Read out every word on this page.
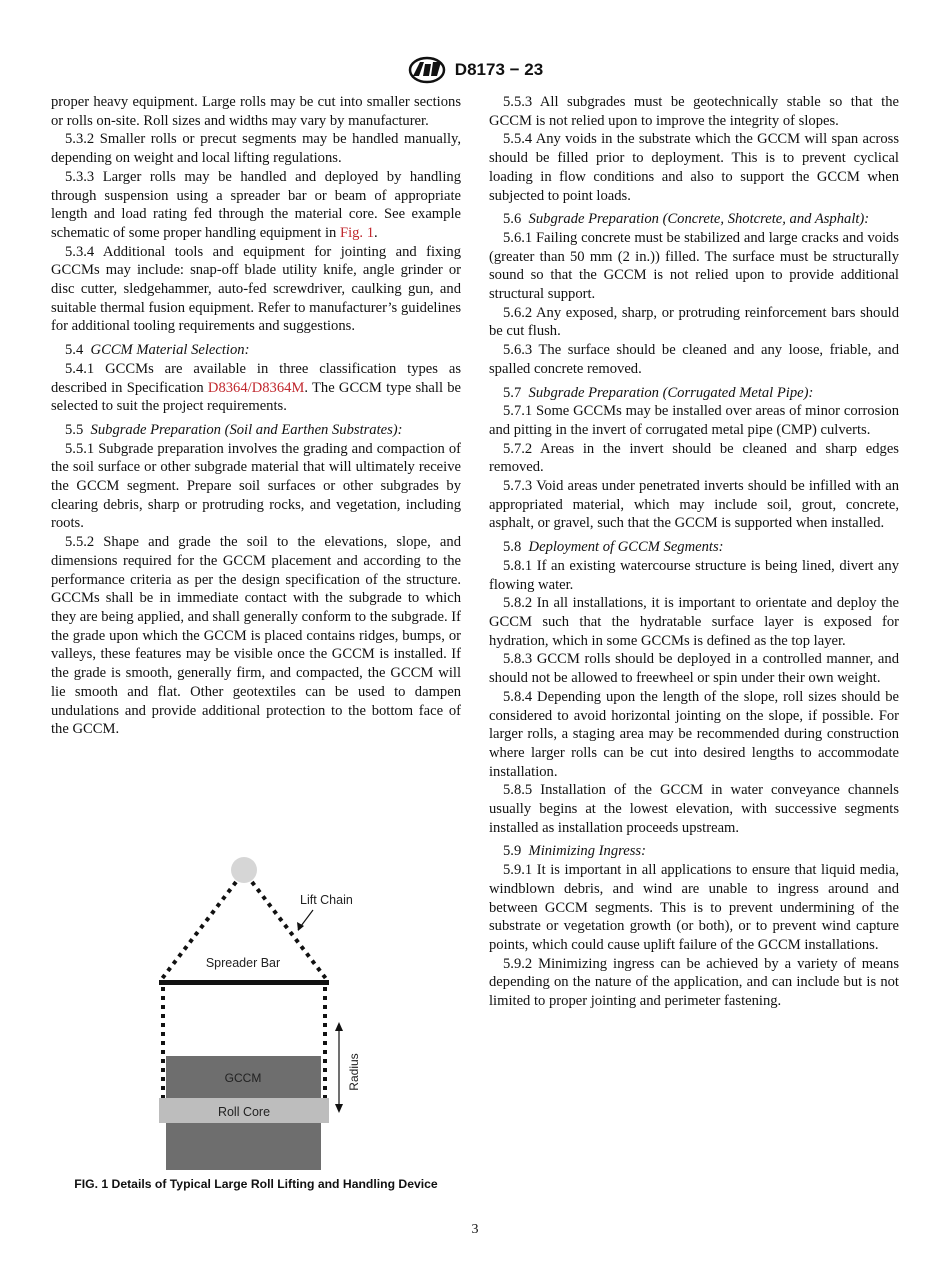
D8173 − 23

proper heavy equipment. Large rolls may be cut into smaller sections or rolls on-site. Roll sizes and widths may vary by manufacturer.

5.3.2 Smaller rolls or precut segments may be handled manually, depending on weight and local lifting regulations.

5.3.3 Larger rolls may be handled and deployed by handling through suspension using a spreader bar or beam of appropriate length and load rating fed through the material core. See example schematic of some proper handling equipment in Fig. 1.

5.3.4 Additional tools and equipment for jointing and fixing GCCMs may include: snap-off blade utility knife, angle grinder or disc cutter, sledgehammer, auto-fed screwdriver, caulking gun, and suitable thermal fusion equipment. Refer to manufacturer’s guidelines for additional tooling requirements and suggestions.

5.4 GCCM Material Selection:

5.4.1 GCCMs are available in three classification types as described in Specification D8364/D8364M. The GCCM type shall be selected to suit the project requirements.

5.5 Subgrade Preparation (Soil and Earthen Substrates):

5.5.1 Subgrade preparation involves the grading and compaction of the soil surface or other subgrade material that will ultimately receive the GCCM segment. Prepare soil surfaces or other subgrades by clearing debris, sharp or protruding rocks, and vegetation, including roots.

5.5.2 Shape and grade the soil to the elevations, slope, and dimensions required for the GCCM placement and according to the performance criteria as per the design specification of the structure. GCCMs shall be in immediate contact with the subgrade to which they are being applied, and shall generally conform to the subgrade. If the grade upon which the GCCM is placed contains ridges, bumps, or valleys, these features may be visible once the GCCM is installed. If the grade is smooth, generally firm, and compacted, the GCCM will lie smooth and flat. Other geotextiles can be used to dampen undulations and provide additional protection to the bottom face of the GCCM.

Lift Chain
Spreader Bar
GCCM
Roll Core
Radius
FIG. 1 Details of Typical Large Roll Lifting and Handling Device

5.5.3 All subgrades must be geotechnically stable so that the GCCM is not relied upon to improve the integrity of slopes.

5.5.4 Any voids in the substrate which the GCCM will span across should be filled prior to deployment. This is to prevent cyclical loading in flow conditions and also to support the GCCM when subjected to point loads.

5.6 Subgrade Preparation (Concrete, Shotcrete, and Asphalt):

5.6.1 Failing concrete must be stabilized and large cracks and voids (greater than 50 mm (2 in.)) filled. The surface must be structurally sound so that the GCCM is not relied upon to provide additional structural support.

5.6.2 Any exposed, sharp, or protruding reinforcement bars should be cut flush.

5.6.3 The surface should be cleaned and any loose, friable, and spalled concrete removed.

5.7 Subgrade Preparation (Corrugated Metal Pipe):

5.7.1 Some GCCMs may be installed over areas of minor corrosion and pitting in the invert of corrugated metal pipe (CMP) culverts.

5.7.2 Areas in the invert should be cleaned and sharp edges removed.

5.7.3 Void areas under penetrated inverts should be infilled with an appropriated material, which may include soil, grout, concrete, asphalt, or gravel, such that the GCCM is supported when installed.

5.8 Deployment of GCCM Segments:

5.8.1 If an existing watercourse structure is being lined, divert any flowing water.

5.8.2 In all installations, it is important to orientate and deploy the GCCM such that the hydratable surface layer is exposed for hydration, which in some GCCMs is defined as the top layer.

5.8.3 GCCM rolls should be deployed in a controlled manner, and should not be allowed to freewheel or spin under their own weight.

5.8.4 Depending upon the length of the slope, roll sizes should be considered to avoid horizontal jointing on the slope, if possible. For larger rolls, a staging area may be recommended during construction where larger rolls can be cut into desired lengths to accommodate installation.

5.8.5 Installation of the GCCM in water conveyance channels usually begins at the lowest elevation, with successive segments installed as installation proceeds upstream.

5.9 Minimizing Ingress:

5.9.1 It is important in all applications to ensure that liquid media, windblown debris, and wind are unable to ingress around and between GCCM segments. This is to prevent undermining of the substrate or vegetation growth (or both), or to prevent wind capture points, which could cause uplift failure of the GCCM installations.

5.9.2 Minimizing ingress can be achieved by a variety of means depending on the nature of the application, and can include but is not limited to proper jointing and perimeter fastening.

3
